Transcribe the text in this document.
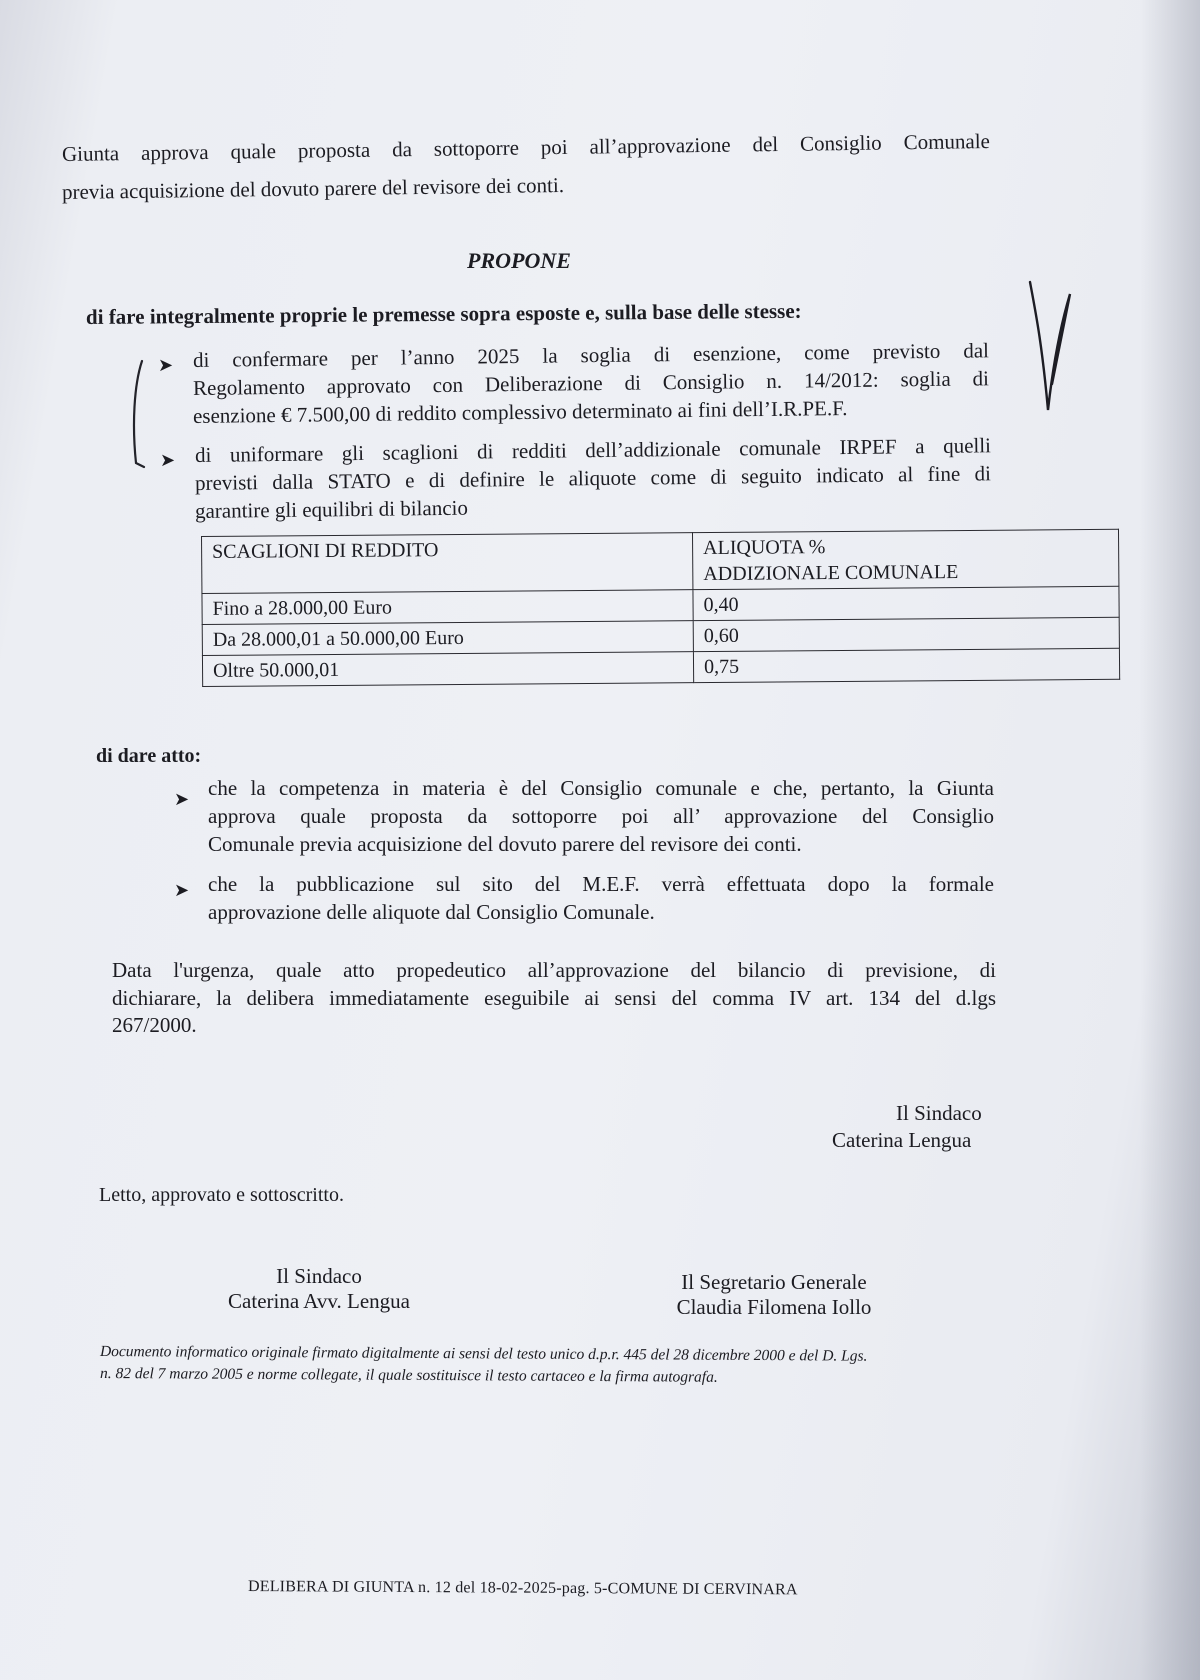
Giunta approva quale proposta da sottoporre poi all’approvazione del Consiglio Comunale
previa acquisizione del dovuto parere del revisore dei conti.
PROPONE
di fare integralmente proprie le premesse sopra esposte e, sulla base delle stesse:
➤ di confermare per l’anno 2025 la soglia di esenzione, come previsto dal
Regolamento approvato con Deliberazione di Consiglio n. 14/2012: soglia di
esenzione € 7.500,00 di reddito complessivo determinato ai fini dell’I.R.PE.F.
➤ di uniformare gli scaglioni di redditi dell’addizionale comunale IRPEF a quelli
previsti dalla STATO e di definire le aliquote come di seguito indicato al fine di
garantire gli equilibri di bilancio
SCAGLIONI DI REDDITO	ALIQUOTA %
ADDIZIONALE COMUNALE

Fino a 28.000,00 Euro	0,40
Da 28.000,01 a 50.000,00 Euro	0,60
Oltre 50.000,01	0,75
di dare atto:
➤ che la competenza in materia è del Consiglio comunale e che, pertanto, la Giunta
approva quale proposta da sottoporre poi all’ approvazione del Consiglio
Comunale previa acquisizione del dovuto parere del revisore dei conti.
➤ che la pubblicazione sul sito del M.E.F. verrà effettuata dopo la formale
approvazione delle aliquote dal Consiglio Comunale.
Data l'urgenza, quale atto propedeutico all’approvazione del bilancio di previsione, di
dichiarare, la delibera immediatamente eseguibile ai sensi del comma IV art. 134 del d.lgs
267/2000.
Il Sindaco
Caterina Lengua
Letto, approvato e sottoscritto.
Il Sindaco
Caterina Avv. Lengua
Il Segretario Generale
Claudia Filomena Iollo
Documento informatico originale firmato digitalmente ai sensi del testo unico d.p.r. 445 del 28 dicembre 2000 e del D. Lgs.
n. 82 del 7 marzo 2005 e norme collegate, il quale sostituisce il testo cartaceo e la firma autografa.
DELIBERA DI GIUNTA n. 12 del 18-02-2025-pag. 5-COMUNE DI CERVINARA
